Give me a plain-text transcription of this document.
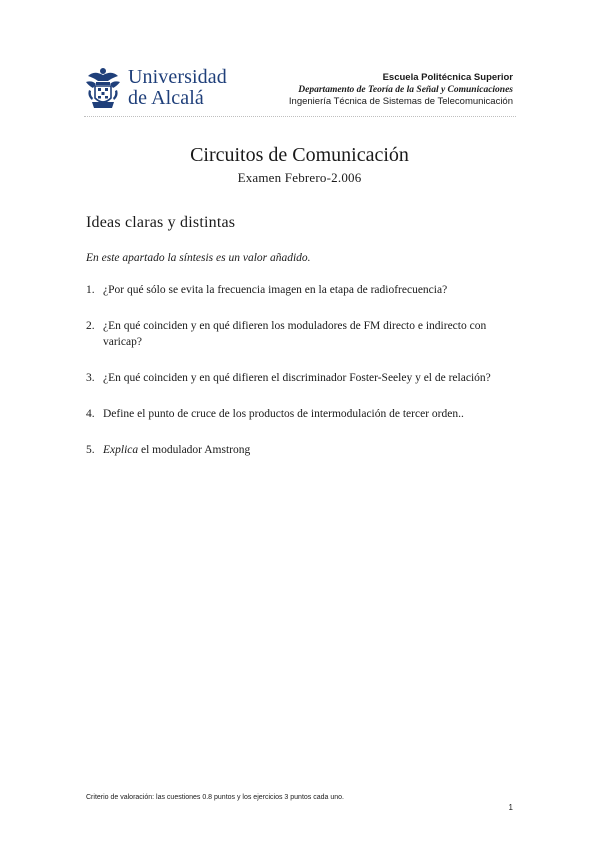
Universidad
de Alcalá
Escuela Politécnica Superior
Departamento de Teoría de la Señal y Comunicaciones
Ingeniería Técnica de Sistemas de Telecomunicación
Circuitos de Comunicación
Examen Febrero-2.006
Ideas claras y distintas
En este apartado la síntesis es un valor añadido.
1. ¿Por qué sólo se evita la frecuencia imagen en la etapa de radiofrecuencia?
2. ¿En qué coinciden y en qué difieren los moduladores de FM directo e indirecto con varicap?
3. ¿En qué coinciden y en qué difieren el discriminador Foster-Seeley y el de relación?
4. Define el punto de cruce de los productos de intermodulación de tercer orden..
5. Explica el modulador Amstrong
Criterio de valoración: las cuestiones 0.8 puntos y los ejercicios 3 puntos cada uno.
1
